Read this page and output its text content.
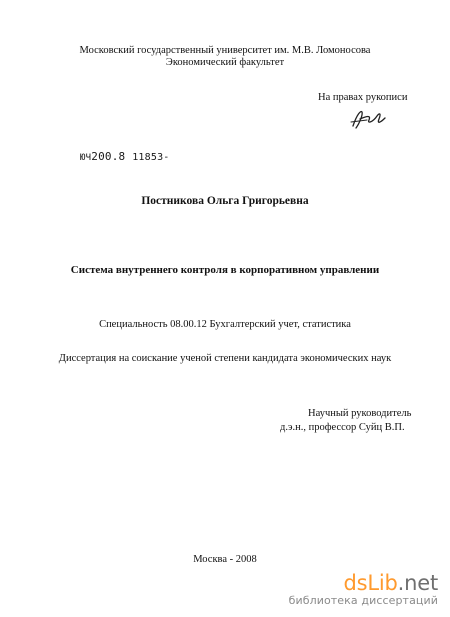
Московский государственный университет им. М.В. Ломоносова
Экономический факультет
На правах рукописи
ЮЧ200.8 11853-
Постникова Ольга Григорьевна
Система внутреннего контроля в корпоративном управлении
Специальность 08.00.12 Бухгалтерский учет, статистика
Диссертация на соискание ученой степени кандидата экономических наук
Научный руководитель
д.э.н., профессор Суйц В.П.
Москва - 2008
dsLib.net
библиотека диссертаций
